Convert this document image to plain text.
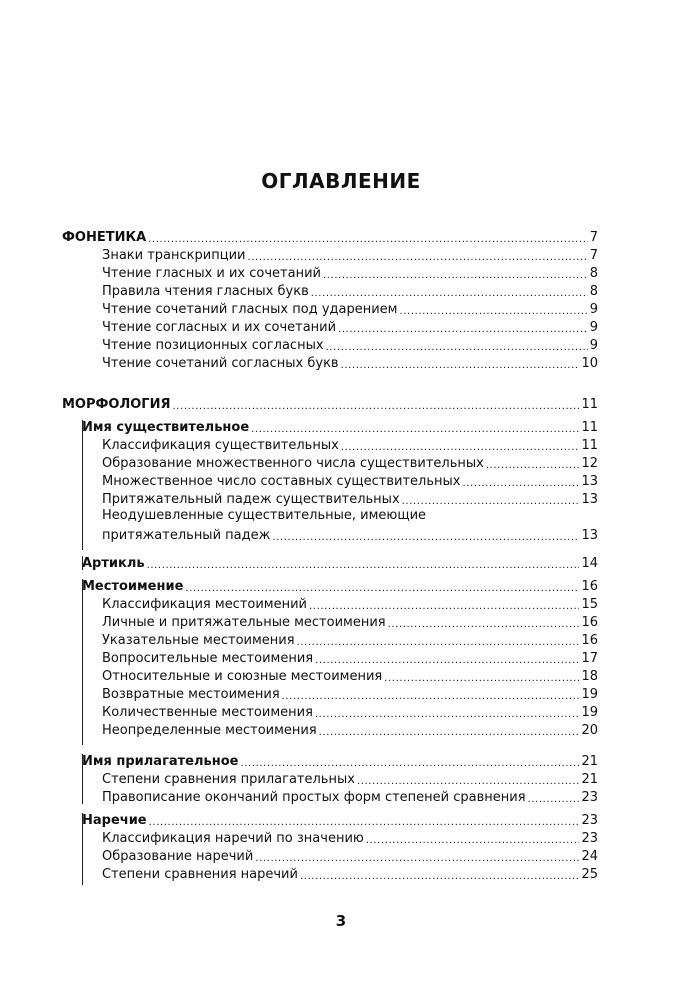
ОГЛАВЛЕНИЕ
ФОНЕТИКА .....	7
Знаки транскрипции .....	7
Чтение гласных и их сочетаний .....	8
Правила чтения гласных букв .....	8
Чтение сочетаний гласных под ударением .....	9
Чтение согласных и их сочетаний .....	9
Чтение позиционных согласных .....	9
Чтение сочетаний согласных букв .....	10
МОРФОЛОГИЯ .....	11
Имя существительное .....	11
Классификация существительных .....	11
Образование множественного числа существительных .....	12
Множественное число составных существительных .....	13
Притяжательный падеж существительных .....	13
Неодушевленные существительные, имеющие
притяжательный падеж .....	13
Артикль .....	14
Местоимение .....	16
Классификация местоимений .....	15
Личные и притяжательные местоимения .....	16
Указательные местоимения .....	16
Вопросительные местоимения .....	17
Относительные и союзные местоимения .....	18
Возвратные местоимения .....	19
Количественные местоимения .....	19
Неопределенные местоимения .....	20
Имя прилагательное .....	21
Степени сравнения прилагательных .....	21
Правописание окончаний простых форм степеней сравнения .....	23
Наречие .....	23
Классификация наречий по значению .....	23
Образование наречий .....	24
Степени сравнения наречий .....	25
3
